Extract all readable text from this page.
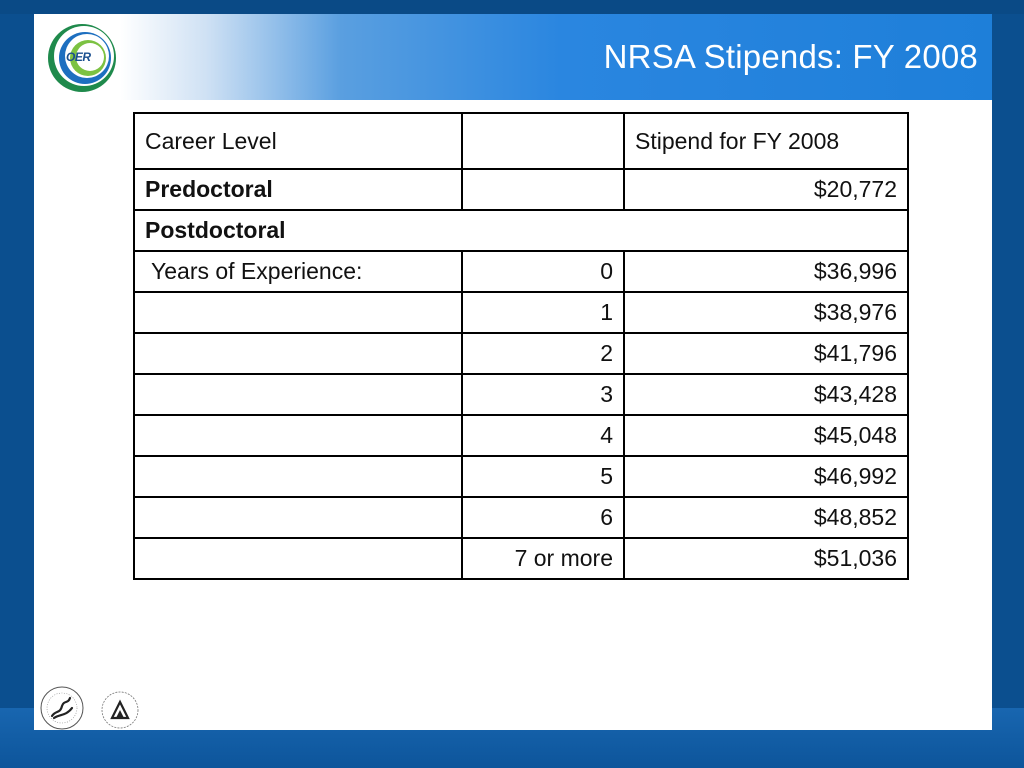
OER	NRSA Stipends: FY 2008
Career Level		Stipend for FY 2008
Predoctoral		$20,772
Postdoctoral		
Years of Experience:	0	$36,996
	1	$38,976
	2	$41,796
	3	$43,428
	4	$45,048
	5	$46,992
	6	$48,852
	7 or more	$51,036
